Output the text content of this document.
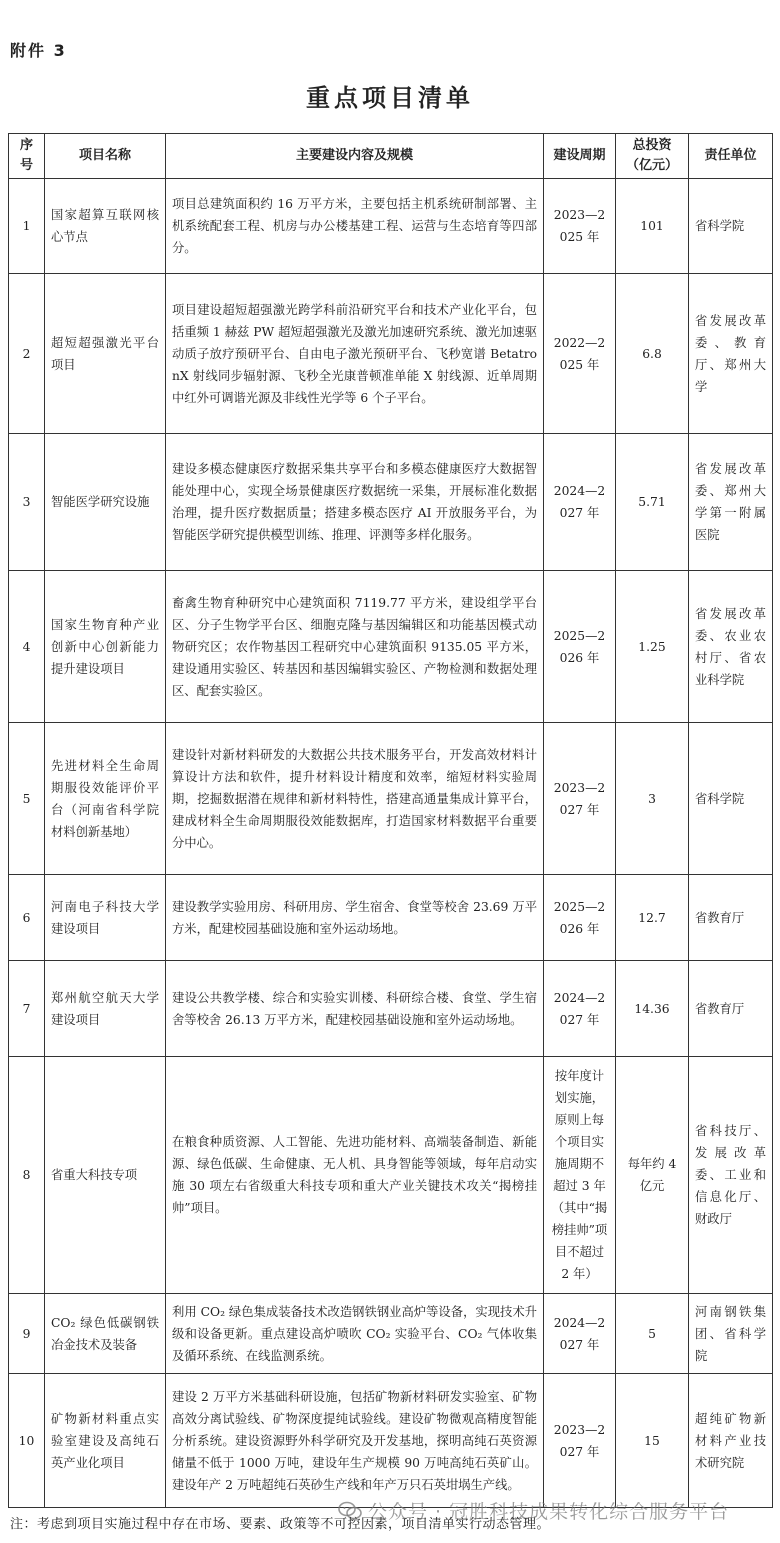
附件 3
重点项目清单
序号	项目名称	主要建设内容及规模	建设周期	总投资（亿元）	责任单位
1	国家超算互联网核心节点	项目总建筑面积约 16 万平方米，主要包括主机系统研制部署、主机系统配套工程、机房与办公楼基建工程、运营与生态培育等四部分。	2023—2025 年	101	省科学院
2	超短超强激光平台项目	项目建设超短超强激光跨学科前沿研究平台和技术产业化平台，包括重频 1 赫兹 PW 超短超强激光及激光加速研究系统、激光加速驱动质子放疗预研平台、自由电子激光预研平台、飞秒宽谱 BetatronX 射线同步辐射源、飞秒全光康普顿准单能 X 射线源、近单周期中红外可调谐光源及非线性光学等 6 个子平台。	2022—2025 年	6.8	省发展改革委、教育厅、郑州大学
3	智能医学研究设施	建设多模态健康医疗数据采集共享平台和多模态健康医疗大数据智能处理中心，实现全场景健康医疗数据统一采集，开展标准化数据治理，提升医疗数据质量；搭建多模态医疗 AI 开放服务平台，为智能医学研究提供模型训练、推理、评测等多样化服务。	2024—2027 年	5.71	省发展改革委、郑州大学第一附属医院
4	国家生物育种产业创新中心创新能力提升建设项目	畜禽生物育种研究中心建筑面积 7119.77 平方米，建设组学平台区、分子生物学平台区、细胞克隆与基因编辑区和功能基因模式动物研究区；农作物基因工程研究中心建筑面积 9135.05 平方米，建设通用实验区、转基因和基因编辑实验区、产物检测和数据处理区、配套实验区。	2025—2026 年	1.25	省发展改革委、农业农村厅、省农业科学院
5	先进材料全生命周期服役效能评价平台（河南省科学院材料创新基地）	建设针对新材料研发的大数据公共技术服务平台，开发高效材料计算设计方法和软件，提升材料设计精度和效率，缩短材料实验周期，挖掘数据潜在规律和新材料特性，搭建高通量集成计算平台，建成材料全生命周期服役效能数据库，打造国家材料数据平台重要分中心。	2023—2027 年	3	省科学院
6	河南电子科技大学建设项目	建设教学实验用房、科研用房、学生宿舍、食堂等校舍 23.69 万平方米，配建校园基础设施和室外运动场地。	2025—2026 年	12.7	省教育厅
7	郑州航空航天大学建设项目	建设公共教学楼、综合和实验实训楼、科研综合楼、食堂、学生宿舍等校舍 26.13 万平方米，配建校园基础设施和室外运动场地。	2024—2027 年	14.36	省教育厅
8	省重大科技专项	在粮食种质资源、人工智能、先进功能材料、高端装备制造、新能源、绿色低碳、生命健康、无人机、具身智能等领域，每年启动实施 30 项左右省级重大科技专项和重大产业关键技术攻关“揭榜挂帅”项目。	按年度计划实施，原则上每个项目实施周期不超过 3 年（其中“揭榜挂帅”项目不超过 2 年）	每年约 4 亿元	省科技厅、发展改革委、工业和信息化厅、财政厅
9	CO₂ 绿色低碳钢铁冶金技术及装备	利用 CO₂ 绿色集成装备技术改造钢铁钢业高炉等设备，实现技术升级和设备更新。重点建设高炉喷吹 CO₂ 实验平台、CO₂ 气体收集及循环系统、在线监测系统。	2024—2027 年	5	河南钢铁集团、省科学院
10	矿物新材料重点实验室建设及高纯石英产业化项目	建设 2 万平方米基础科研设施，包括矿物新材料研发实验室、矿物高效分离试验线、矿物深度提纯试验线。建设矿物微观高精度智能分析系统。建设资源野外科学研究及开发基地，探明高纯石英资源储量不低于 1000 万吨，建设年生产规模 90 万吨高纯石英矿山。建设年产 2 万吨超纯石英砂生产线和年产万只石英坩埚生产线。	2023—2027 年	15	超纯矿物新材料产业技术研究院
公众号 · 冠胜科技成果转化综合服务平台
注：考虑到项目实施过程中存在市场、要素、政策等不可控因素，项目清单实行动态管理。
